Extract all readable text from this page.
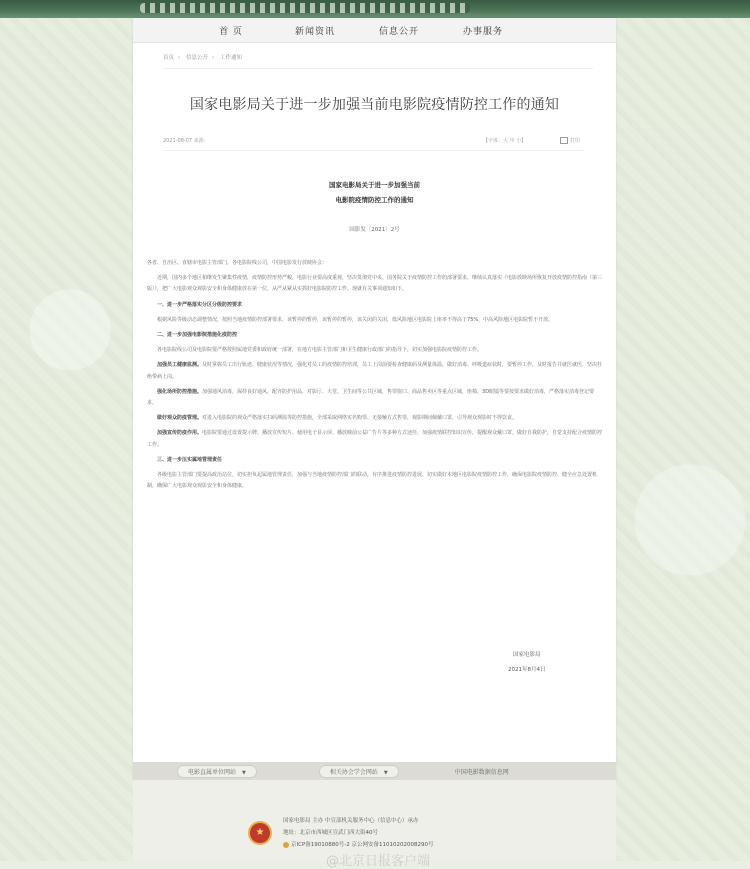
首 页	新闻资讯	信息公开	办事服务
首页 › 信息公开 › 工作通知
国家电影局关于进一步加强当前电影院疫情防控工作的通知
2021-08-07 来源：	【字体：大 中 小】	打印
国家电影局关于进一步加强当前
电影院疫情防控工作的通知
国影发〔2021〕2号

各省、自治区、直辖市电影主管部门，各电影院线公司，中国电影发行放映协会：

近期，国内多个地区相继发生聚集性疫情，疫情防控形势严峻，电影行业要高度重视，坚决贯彻党中央、国务院关于疫情防控工作的部署要求，继续认真落实《电影放映场所恢复开放疫情防控指南（第三版）》，把广大电影观众观影安全和身体健康放在第一位，从严从紧从实抓好电影院防控工作。现就有关事项通知如下。

一、进一步严格落实分区分级防控要求

根据风险等级动态调整情况，按照当地疫情防控部署要求，该暂停的暂停，该暂停的暂停，该关闭的关闭，低风险地区电影院上座率不得高于75%，中高风险地区电影院暂不开放。

二、进一步加强电影院措施化疫防控

各电影院线公司及电影院要严格按照属地党委和政府统一部署，在地方电影主管部门和卫生健康行政部门的指导下，切实加强电影院疫情防控工作。

加强员工健康监测。及时掌握员工出行轨迹、健康状况等情况，强化对员工的疫情防控培训，员工上岗前要检查健康码及测量体温，做好消毒、呼吸道症状时，要暂停工作，及时报告并就医就医，坚决杜绝带病上岗。

强化场所防控措施。加强通风消毒，保持良好通风，配齐防护用品，对影厅、大堂、卫生间等公共区域，售票窗口、商品售卖区等重点区域，座椅、3D眼镜等要按要求做好消毒，严格落实消毒登记要求。

做好观众防疫管理。对进入电影院的观众严格落实扫码测温等防控措施，全部采取网络实名购票、无接触方式售票，观影期间佩戴口罩，引导观众观影时不得饮食。

加强宣传防疫作用。电影院要通过设置提示牌、播放宣传短片、使用电子显示屏、播放映前公益广告片等多种方式途径，加强疫情联控知识宣传，提醒观众戴口罩，做好自我防护，自觉支持配合疫情防控工作。

三、进一步压实属地管理责任

各级电影主管部门要提高政治站位，切实担负起属地管理责任，加强与当地疫情防控部门的联动，有序推进疫情防控进展，切实做好本地区电影院疫情防控工作，确保电影院疫情防控、健全应急处置机制，确保广大电影观众观影安全和身体健康。

国家电影局
2021年8月4日
电影直属单位网站 ▼	相关协会学会网站 ▼	中国电影数据信息网
★
国家电影局 主办 中宣部机关服务中心（信息中心）承办
地址：北京市西城区宣武门西大街40号
京ICP备19010880号-2 京公网安备11010202008290号
@北京日报客户端
